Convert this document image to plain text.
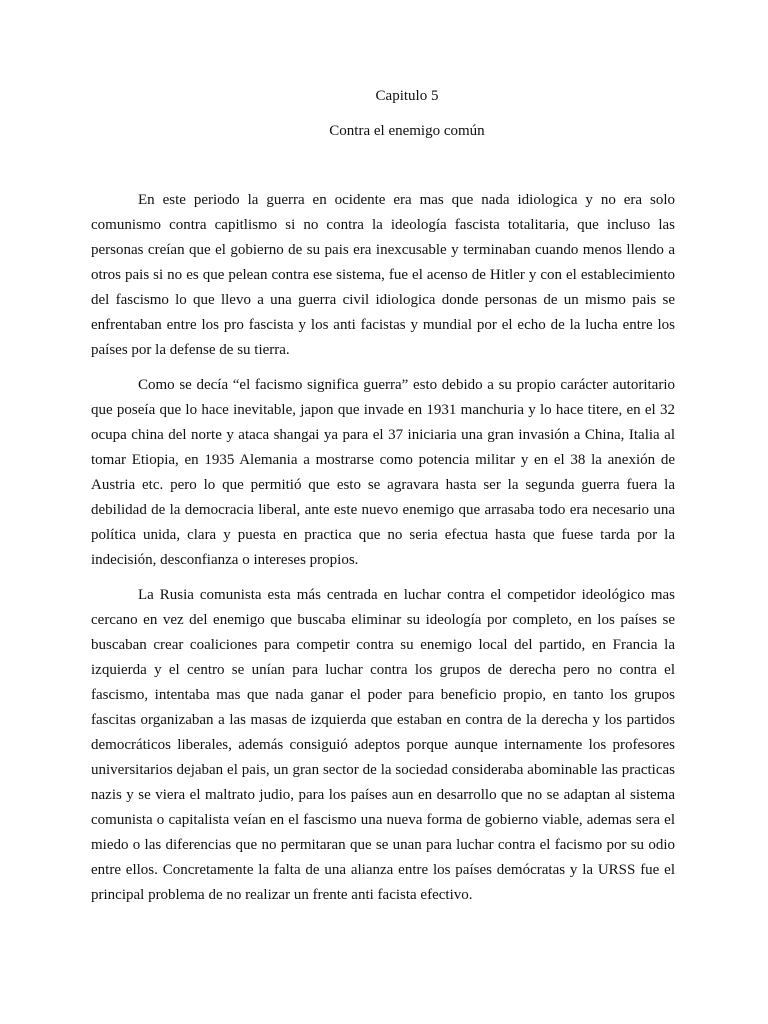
Capitulo 5
Contra el enemigo común

En este periodo la guerra en ocidente era mas que nada idiologica y no era solo comunismo contra capitlismo si no contra la ideología fascista totalitaria, que incluso las personas creían que el gobierno de su pais era inexcusable y terminaban cuando menos llendo a otros pais si no es que pelean contra ese sistema, fue el acenso de Hitler y con el establecimiento del fascismo lo que llevo a una guerra civil idiologica donde personas de un mismo pais se enfrentaban entre los pro fascista y los anti facistas y mundial por el echo de la lucha entre los países por la defense de su tierra.

Como se decía “el facismo significa guerra” esto debido a su propio carácter autoritario que poseía que lo hace inevitable, japon que invade en 1931 manchuria y lo hace titere, en el 32 ocupa china del norte y ataca shangai ya para el 37 iniciaria una gran invasión a China, Italia al tomar Etiopia, en 1935 Alemania a mostrarse como potencia militar y en el 38 la anexión de Austria etc. pero lo que permitió que esto se agravara hasta ser la segunda guerra fuera la debilidad de la democracia liberal, ante este nuevo enemigo que arrasaba todo era necesario una política unida, clara y puesta en practica que no seria efectua hasta que fuese tarda por la indecisión, desconfianza o intereses propios.

La Rusia comunista esta más centrada en luchar contra el competidor ideológico mas cercano en vez del enemigo que buscaba eliminar su ideología por completo, en los países se buscaban crear coaliciones para competir contra su enemigo local del partido, en Francia la izquierda y el centro se unían para luchar contra los grupos de derecha pero no contra el fascismo, intentaba mas que nada ganar el poder para beneficio propio, en tanto los grupos fascitas organizaban a las masas de izquierda que estaban en contra de la derecha y los partidos democráticos liberales, además consiguió adeptos porque aunque internamente los profesores universitarios dejaban el pais, un gran sector de la sociedad consideraba abominable las practicas nazis y se viera el maltrato judio, para los países aun en desarrollo que no se adaptan al sistema comunista o capitalista veían en el fascismo una nueva forma de gobierno viable, ademas sera el miedo o las diferencias que no permitaran que se unan para luchar contra el facismo por su odio entre ellos. Concretamente la falta de una alianza entre los países demócratas y la URSS fue el principal problema de no realizar un frente anti facista efectivo.
